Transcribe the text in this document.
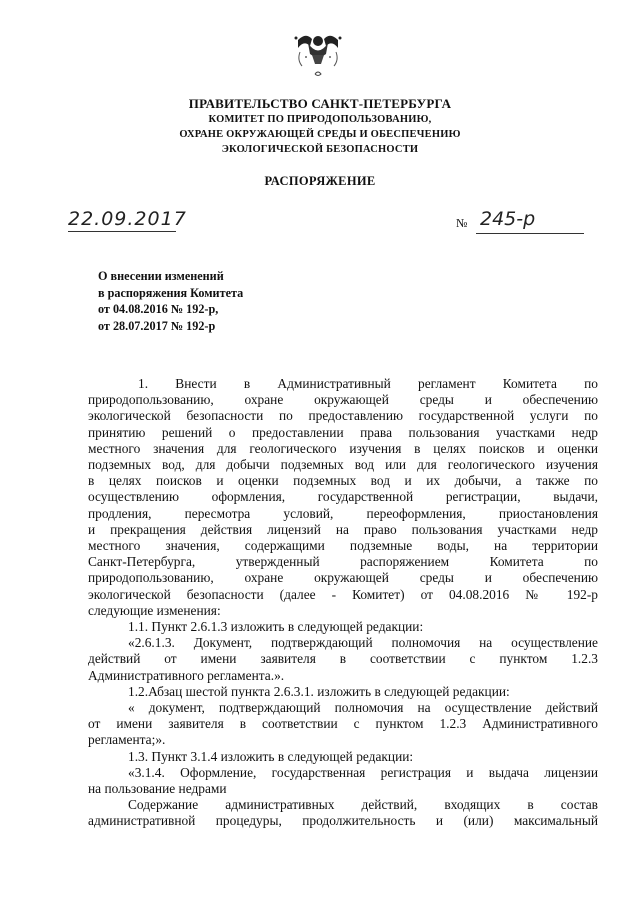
ПРАВИТЕЛЬСТВО САНКТ-ПЕТЕРБУРГА
КОМИТЕТ ПО ПРИРОДОПОЛЬЗОВАНИЮ,
ОХРАНЕ ОКРУЖАЮЩЕЙ СРЕДЫ И ОБЕСПЕЧЕНИЮ
ЭКОЛОГИЧЕСКОЙ БЕЗОПАСНОСТИ
РАСПОРЯЖЕНИЕ
22.09.2017	№ 245-р
О внесении изменений
в распоряжения Комитета
от 04.08.2016 № 192-р,
от 28.07.2017 № 192-р

1. Внести в Административный регламент Комитета по

природопользованию, охране окружающей среды и обеспечению

экологической безопасности по предоставлению государственной услуги по

принятию решений о предоставлении права пользования участками недр

местного значения для геологического изучения в целях поисков и оценки

подземных вод, для добычи подземных вод или для геологического изучения

в целях поисков и оценки подземных вод и их добычи, а также по

осуществлению оформления, государственной регистрации, выдачи,

продления, пересмотра условий, переоформления, приостановления

и прекращения действия лицензий на право пользования участками недр

местного значения, содержащими подземные воды, на территории

Санкт-Петербурга, утвержденный распоряжением Комитета по

природопользованию, охране окружающей среды и обеспечению

экологической безопасности (далее - Комитет) от 04.08.2016 № 192-р

следующие изменения:

1.1. Пункт 2.6.1.3 изложить в следующей редакции:

«2.6.1.3. Документ, подтверждающий полномочия на осуществление

действий от имени заявителя в соответствии с пунктом 1.2.3

Административного регламента.».

1.2.Абзац шестой пункта 2.6.3.1. изложить в следующей редакции:

« документ, подтверждающий полномочия на осуществление действий

от имени заявителя в соответствии с пунктом 1.2.3 Административного

регламента;».

1.3. Пункт 3.1.4 изложить в следующей редакции:

«3.1.4. Оформление, государственная регистрация и выдача лицензии

на пользование недрами

Содержание административных действий, входящих в состав

административной процедуры, продолжительность и (или) максимальный
